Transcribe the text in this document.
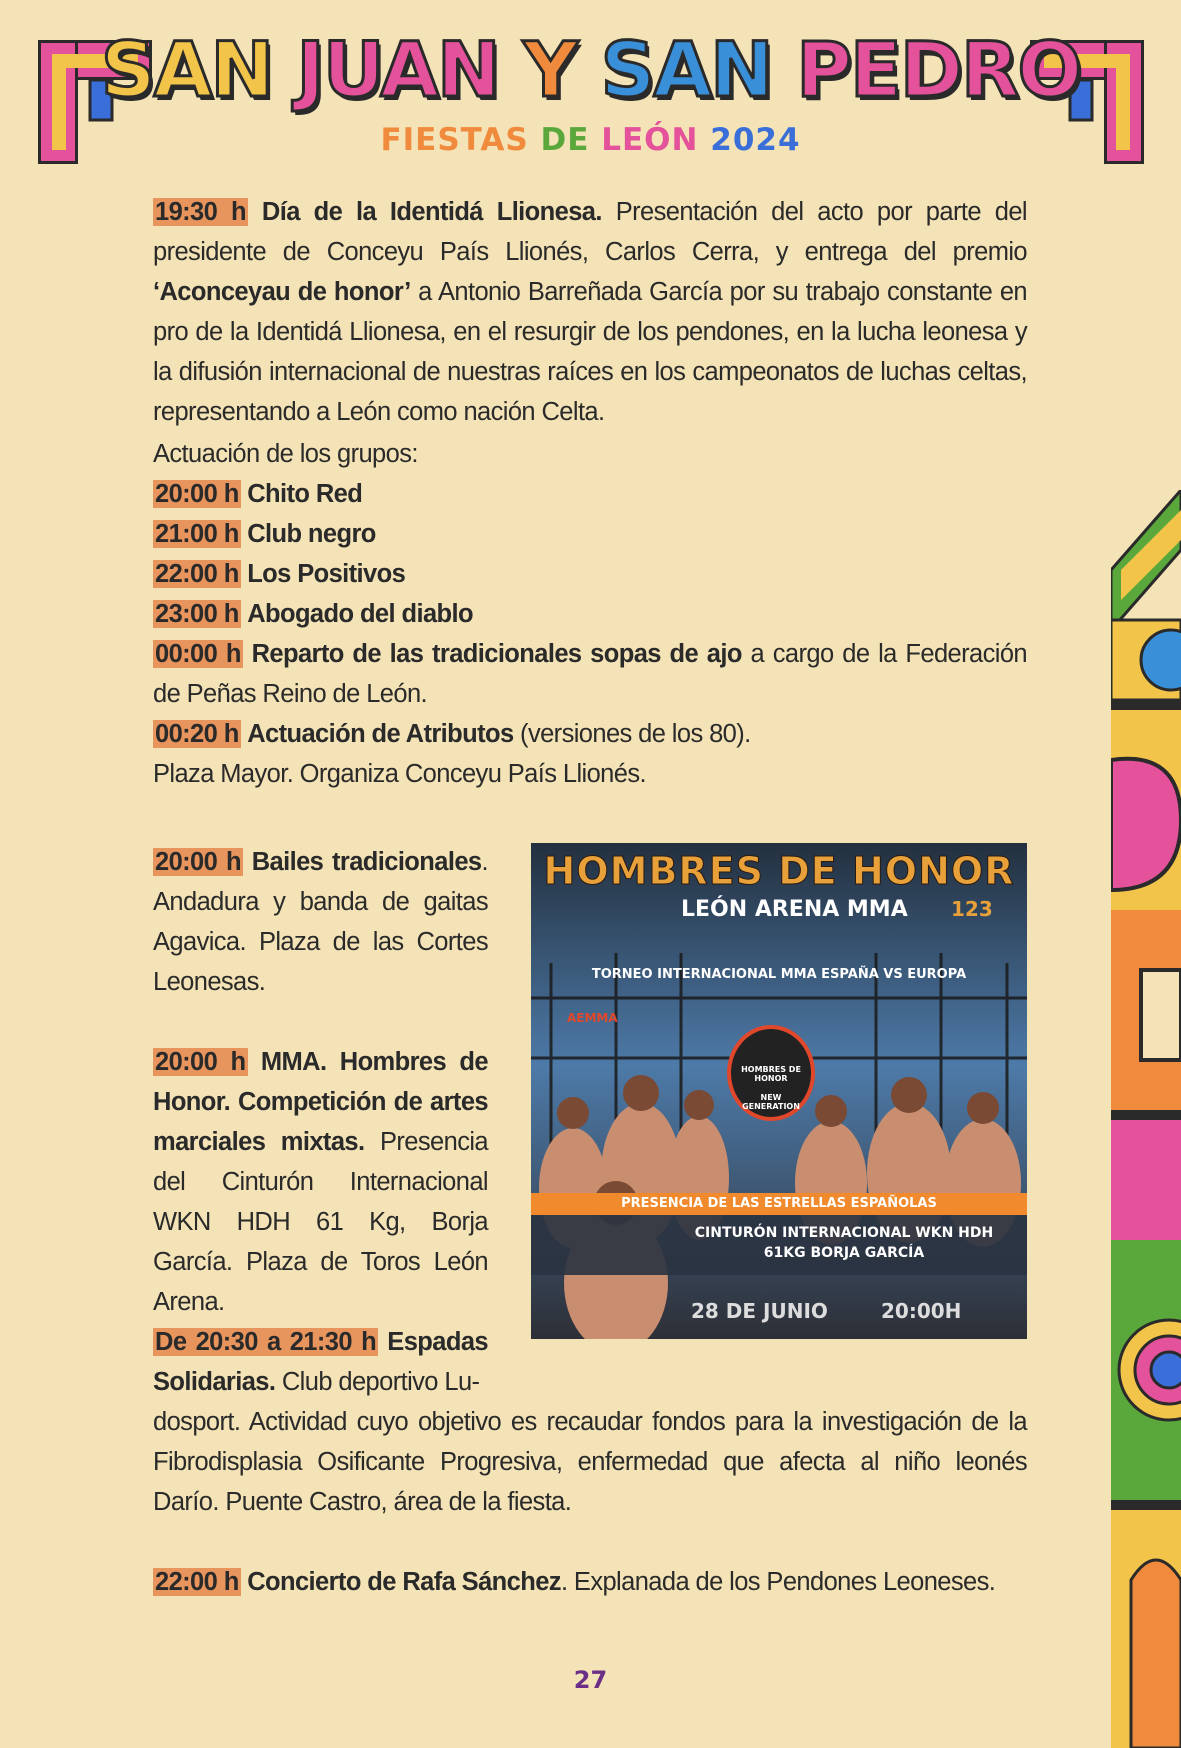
SAN JUAN Y SAN PEDRO
FIESTAS DE LEÓN 2024

19:30 h Día de la Identidá Llionesa. Presentación del acto por parte del presidente de Conceyu País Llionés, Carlos Cerra, y entrega del premio ‘Aconceyau de honor’ a Antonio Barreñada García por su trabajo constante en pro de la Identidá Llionesa, en el resurgir de los pendones, en la lucha leonesa y la difusión internacional de nuestras raíces en los campeonatos de luchas celtas, representando a León como nación Celta.

Actuación de los grupos:

20:00 h Chito Red

21:00 h Club negro

22:00 h Los Positivos

23:00 h Abogado del diablo

00:00 h Reparto de las tradicionales sopas de ajo a cargo de la Federación de Peñas Reino de León.

00:20 h Actuación de Atributos (versiones de los 80).

Plaza Mayor. Organiza Conceyu País Llionés.

20:00 h Bailes tradicionales. Andadura y banda de gaitas Agavica. Plaza de las Cortes Leonesas.
20:00 h MMA. Hombres de Honor. Competición de artes marciales mixtas. Presencia del Cinturón Internacional WKN HDH 61 Kg, Borja García. Plaza de Toros León Arena.
De 20:30 a 21:30 h Espadas Solidarias. Club deportivo Lu-

dosport. Actividad cuyo objetivo es recaudar fondos para la investigación de la Fibrodisplasia Osificante Progresiva, enfermedad que afecta al niño leonés Darío. Puente Castro, área de la fiesta.

22:00 h Concierto de Rafa Sánchez. Explanada de los Pendones Leoneses.

HOMBRES DE HONOR
LEÓN ARENA MMA 123
TORNEO INTERNACIONAL MMA ESPAÑA VS EUROPA
AEMMA
HOMBRES DE HONOR
NEW GENERATION
PRESENCIA DE LAS ESTRELLAS ESPAÑOLAS
CINTURÓN INTERNACIONAL WKN HDH
61KG BORJA GARCÍA
28 DE JUNIO	20:00H
27
